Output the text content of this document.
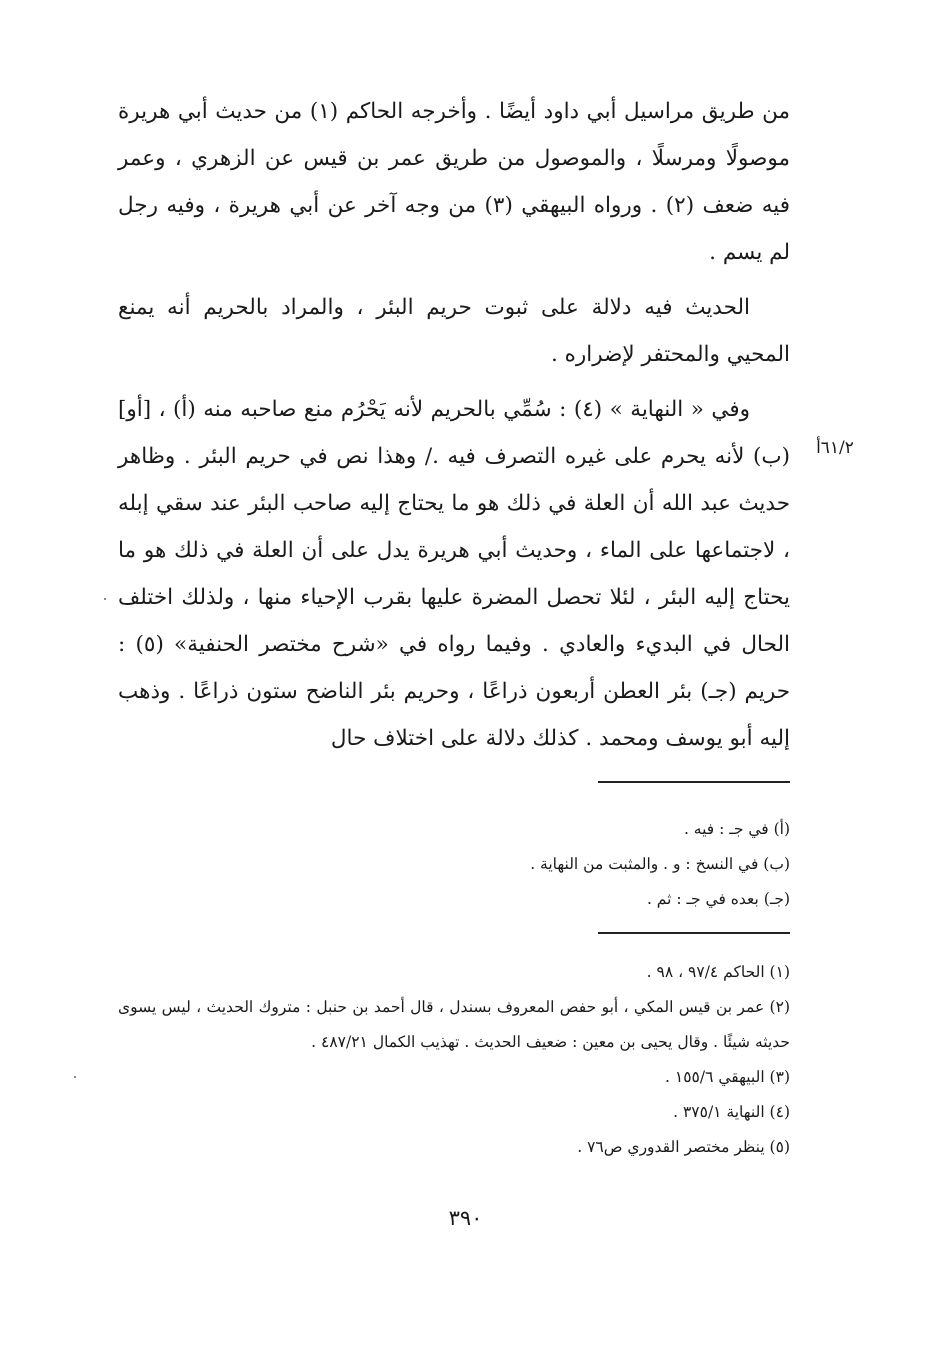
من طريق مراسيل أبي داود أيضًا . وأخرجه الحاكم (١) من حديث أبي هريرة موصولًا ومرسلًا ، والموصول من طريق عمر بن قيس عن الزهري ، وعمر فيه ضعف (٢) . ورواه البيهقي (٣) من وجه آخر عن أبي هريرة ، وفيه رجل لم يسم .

الحديث فيه دلالة على ثبوت حريم البئر ، والمراد بالحريم أنه يمنع المحيي والمحتفر لإضراره .

وفي « النهاية » (٤) : سُمِّي بالحريم لأنه يَحْرُم منع صاحبه منه (أ) ، [أو] (ب) لأنه يحرم على غيره التصرف فيه ./ وهذا نص في حريم البئر . وظاهر حديث عبد الله أن العلة في ذلك هو ما يحتاج إليه صاحب البئر عند سقي إبله ، لاجتماعها على الماء ، وحديث أبي هريرة يدل على أن العلة في ذلك هو ما يحتاج إليه البئر ، لئلا تحصل المضرة عليها بقرب الإحياء منها ، ولذلك اختلف الحال في البديء والعادي . وفيما رواه في «شرح مختصر الحنفية» (٥) : حريم (جـ) بئر العطن أربعون ذراعًا ، وحريم بئر الناضح ستون ذراعًا . وذهب إليه أبو يوسف ومحمد . كذلك دلالة على اختلاف حال

٦١/٢أ

(أ) في جـ : فيه .

(ب) في النسخ : و . والمثبت من النهاية .

(جـ) بعده في جـ : ثم .

(١) الحاكم ٩٧/٤ ، ٩٨ .

(٢) عمر بن قيس المكي ، أبو حفص المعروف بسندل ، قال أحمد بن حنبل : متروك الحديث ، ليس يسوى حديثه شيئًا . وقال يحيى بن معين : ضعيف الحديث . تهذيب الكمال ٤٨٧/٢١ .

(٣) البيهقي ١٥٥/٦ .

(٤) النهاية ٣٧٥/١ .

(٥) ينظر مختصر القدوري ص٧٦ .

٣٩٠
